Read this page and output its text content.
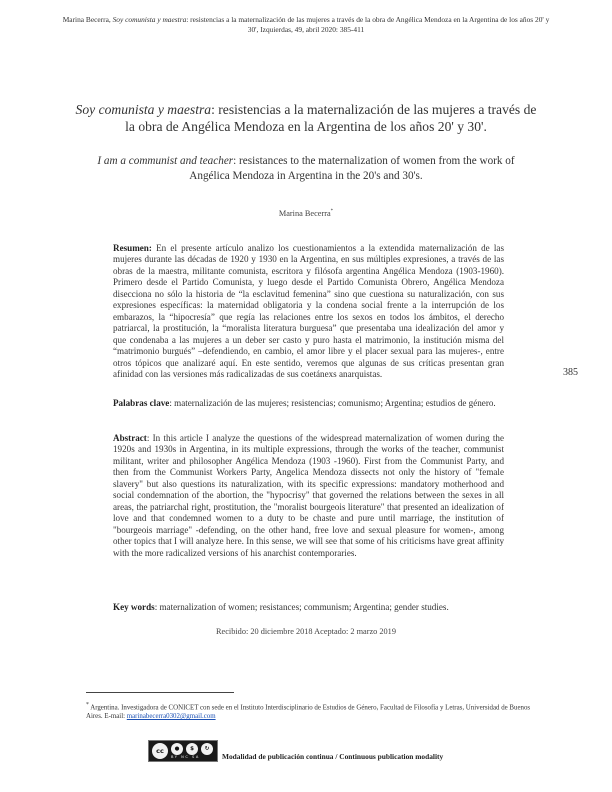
Marina Becerra, Soy comunista y maestra: resistencias a la maternalización de las mujeres a través de la obra de Angélica Mendoza en la Argentina de los años 20' y 30', Izquierdas, 49, abril 2020: 385-411
Soy comunista y maestra: resistencias a la maternalización de las mujeres a través de la obra de Angélica Mendoza en la Argentina de los años 20' y 30'.
I am a communist and teacher: resistances to the maternalization of women from the work of Angélica Mendoza in Argentina in the 20's and 30's.
Marina Becerra*
Resumen: En el presente artículo analizo los cuestionamientos a la extendida maternalización de las mujeres durante las décadas de 1920 y 1930 en la Argentina, en sus múltiples expresiones, a través de las obras de la maestra, militante comunista, escritora y filósofa argentina Angélica Mendoza (1903-1960). Primero desde el Partido Comunista, y luego desde el Partido Comunista Obrero, Angélica Mendoza disecciona no sólo la historia de “la esclavitud femenina” sino que cuestiona su naturalización, con sus expresiones específicas: la maternidad obligatoria y la condena social frente a la interrupción de los embarazos, la “hipocresía” que regía las relaciones entre los sexos en todos los ámbitos, el derecho patriarcal, la prostitución, la “moralista literatura burguesa” que presentaba una idealización del amor y que condenaba a las mujeres a un deber ser casto y puro hasta el matrimonio, la institución misma del “matrimonio burgués” –defendiendo, en cambio, el amor libre y el placer sexual para las mujeres-, entre otros tópicos que analizaré aquí. En este sentido, veremos que algunas de sus críticas presentan gran afinidad con las versiones más radicalizadas de sus coetánexs anarquistas.
Palabras clave: maternalización de las mujeres; resistencias; comunismo; Argentina; estudios de género.
Abstract: In this article I analyze the questions of the widespread maternalization of women during the 1920s and 1930s in Argentina, in its multiple expressions, through the works of the teacher, communist militant, writer and philosopher Angélica Mendoza (1903 -1960). First from the Communist Party, and then from the Communist Workers Party, Angelica Mendoza dissects not only the history of "female slavery" but also questions its naturalization, with its specific expressions: mandatory motherhood and social condemnation of the abortion, the "hypocrisy" that governed the relations between the sexes in all areas, the patriarchal right, prostitution, the "moralist bourgeois literature" that presented an idealization of love and that condemned women to a duty to be chaste and pure until marriage, the institution of "bourgeois marriage" -defending, on the other hand, free love and sexual pleasure for women-, among other topics that I will analyze here. In this sense, we will see that some of his criticisms have great affinity with the more radicalized versions of his anarchist contemporaries.
Key words: maternalization of women; resistances; communism; Argentina; gender studies.
Recibido: 20 diciembre 2018 Aceptado: 2 marzo 2019
385
* Argentina. Investigadora de CONICET con sede en el Instituto Interdisciplinario de Estudios de Género, Facultad de Filosofía y Letras, Universidad de Buenos Aires. E-mail: marinabecerra0302@gmail.com
cc	●	$	↻
BY NC SA	Modalidad de publicación continua / Continuous publication modality
